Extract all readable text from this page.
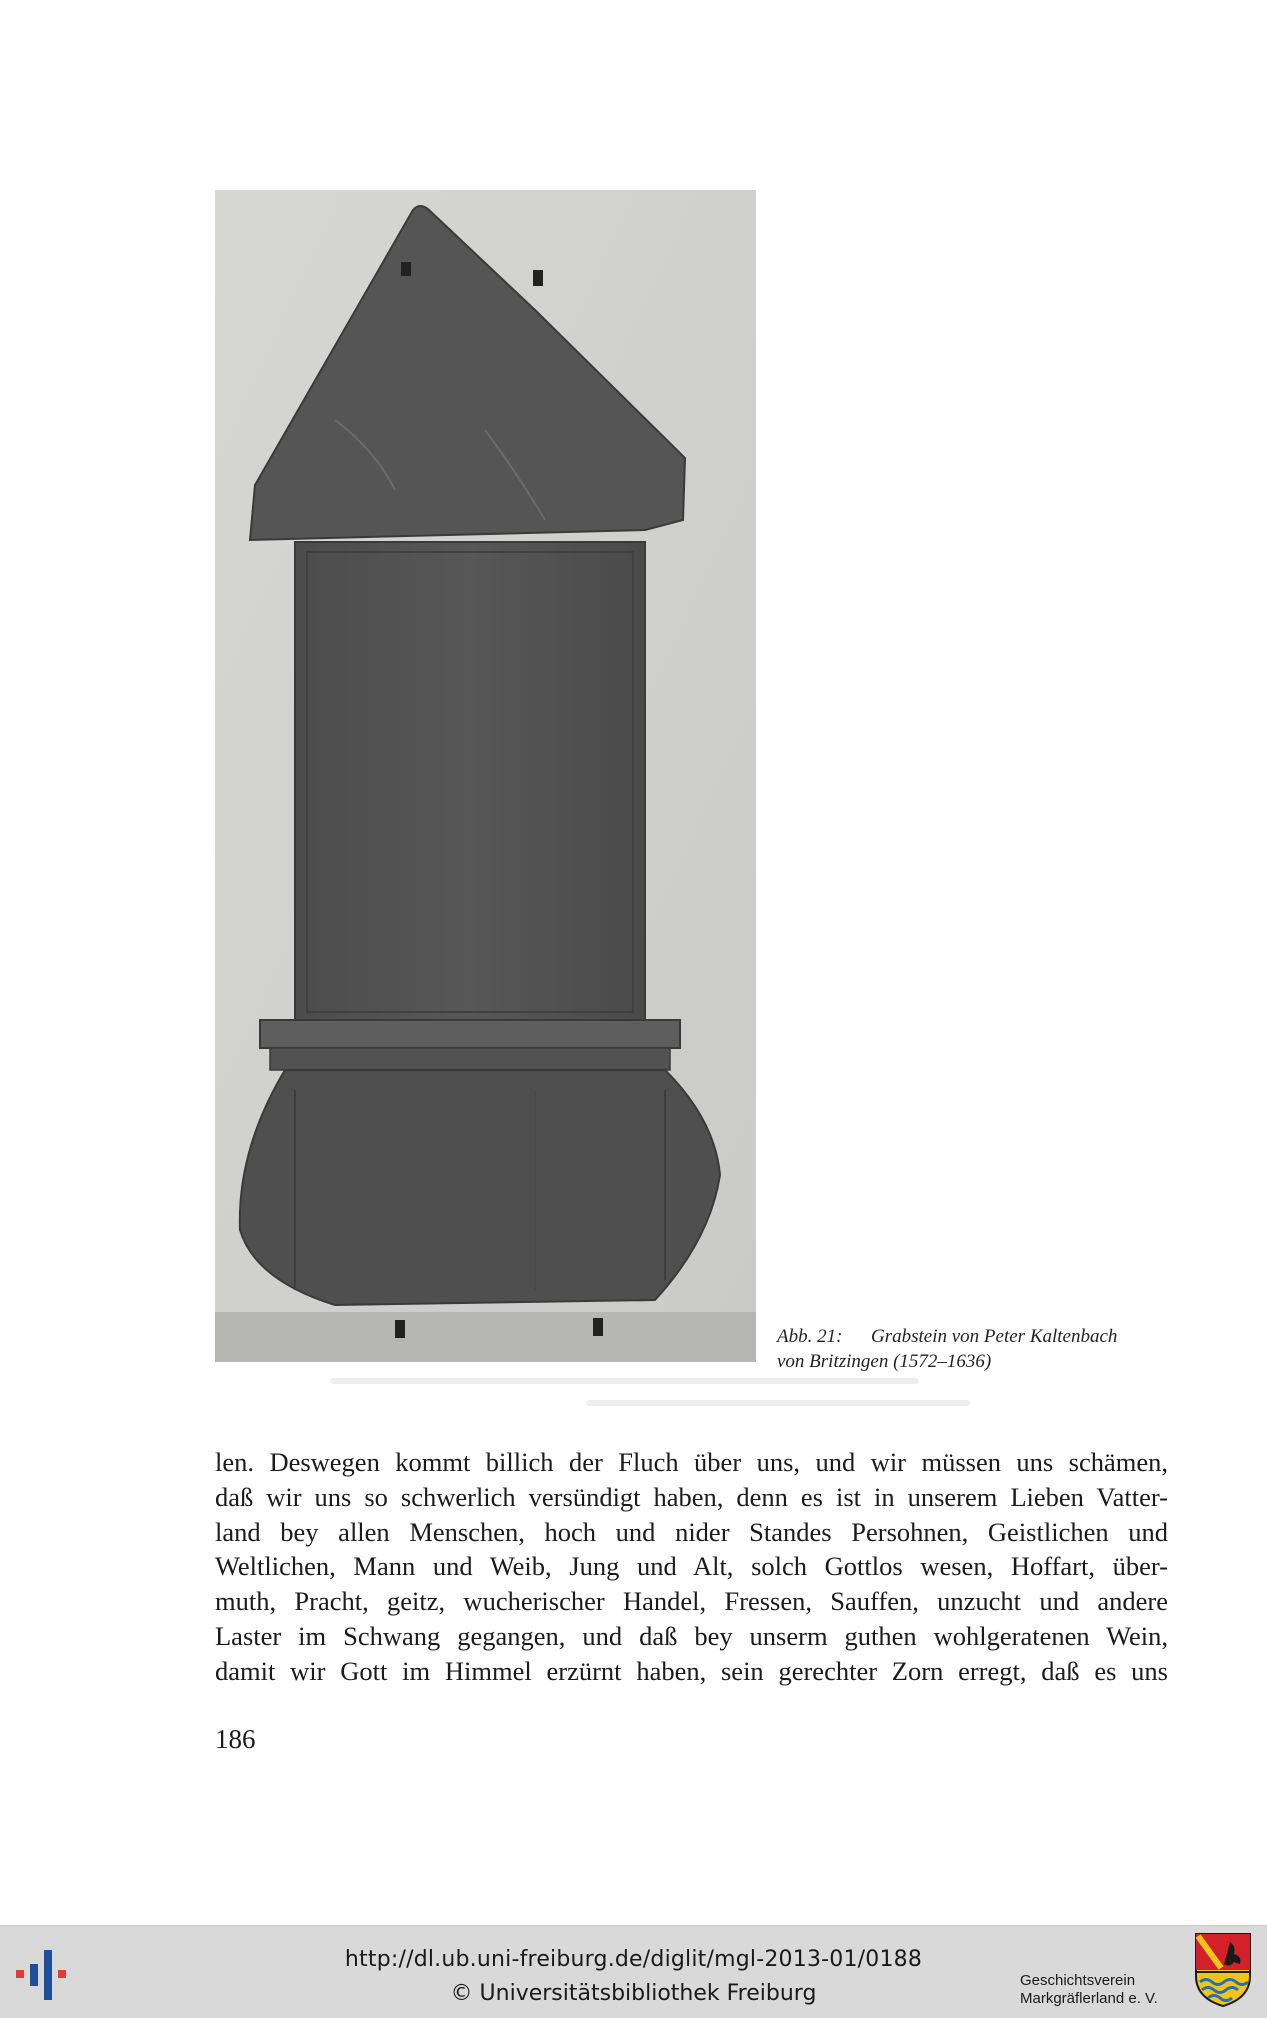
Abb. 21:	Grabstein von Peter Kaltenbach
von Britzingen (1572–1636)
len. Deswegen kommt billich der Fluch über uns, und wir müssen uns schämen,
daß wir uns so schwerlich versündigt haben, denn es ist in unserem Lieben Vatter-
land bey allen Menschen, hoch und nider Standes Persohnen, Geistlichen und
Weltlichen, Mann und Weib, Jung und Alt, solch Gottlos wesen, Hoffart, über-
muth, Pracht, geitz, wucherischer Handel, Fressen, Sauffen, unzucht und andere
Laster im Schwang gegangen, und daß bey unserm guthen wohlgeratenen Wein,
damit wir Gott im Himmel erzürnt haben, sein gerechter Zorn erregt, daß es uns
186
http://dl.ub.uni-freiburg.de/diglit/mgl-2013-01/0188
© Universitätsbibliothek Freiburg
Geschichtsverein
Markgräflerland e. V.
